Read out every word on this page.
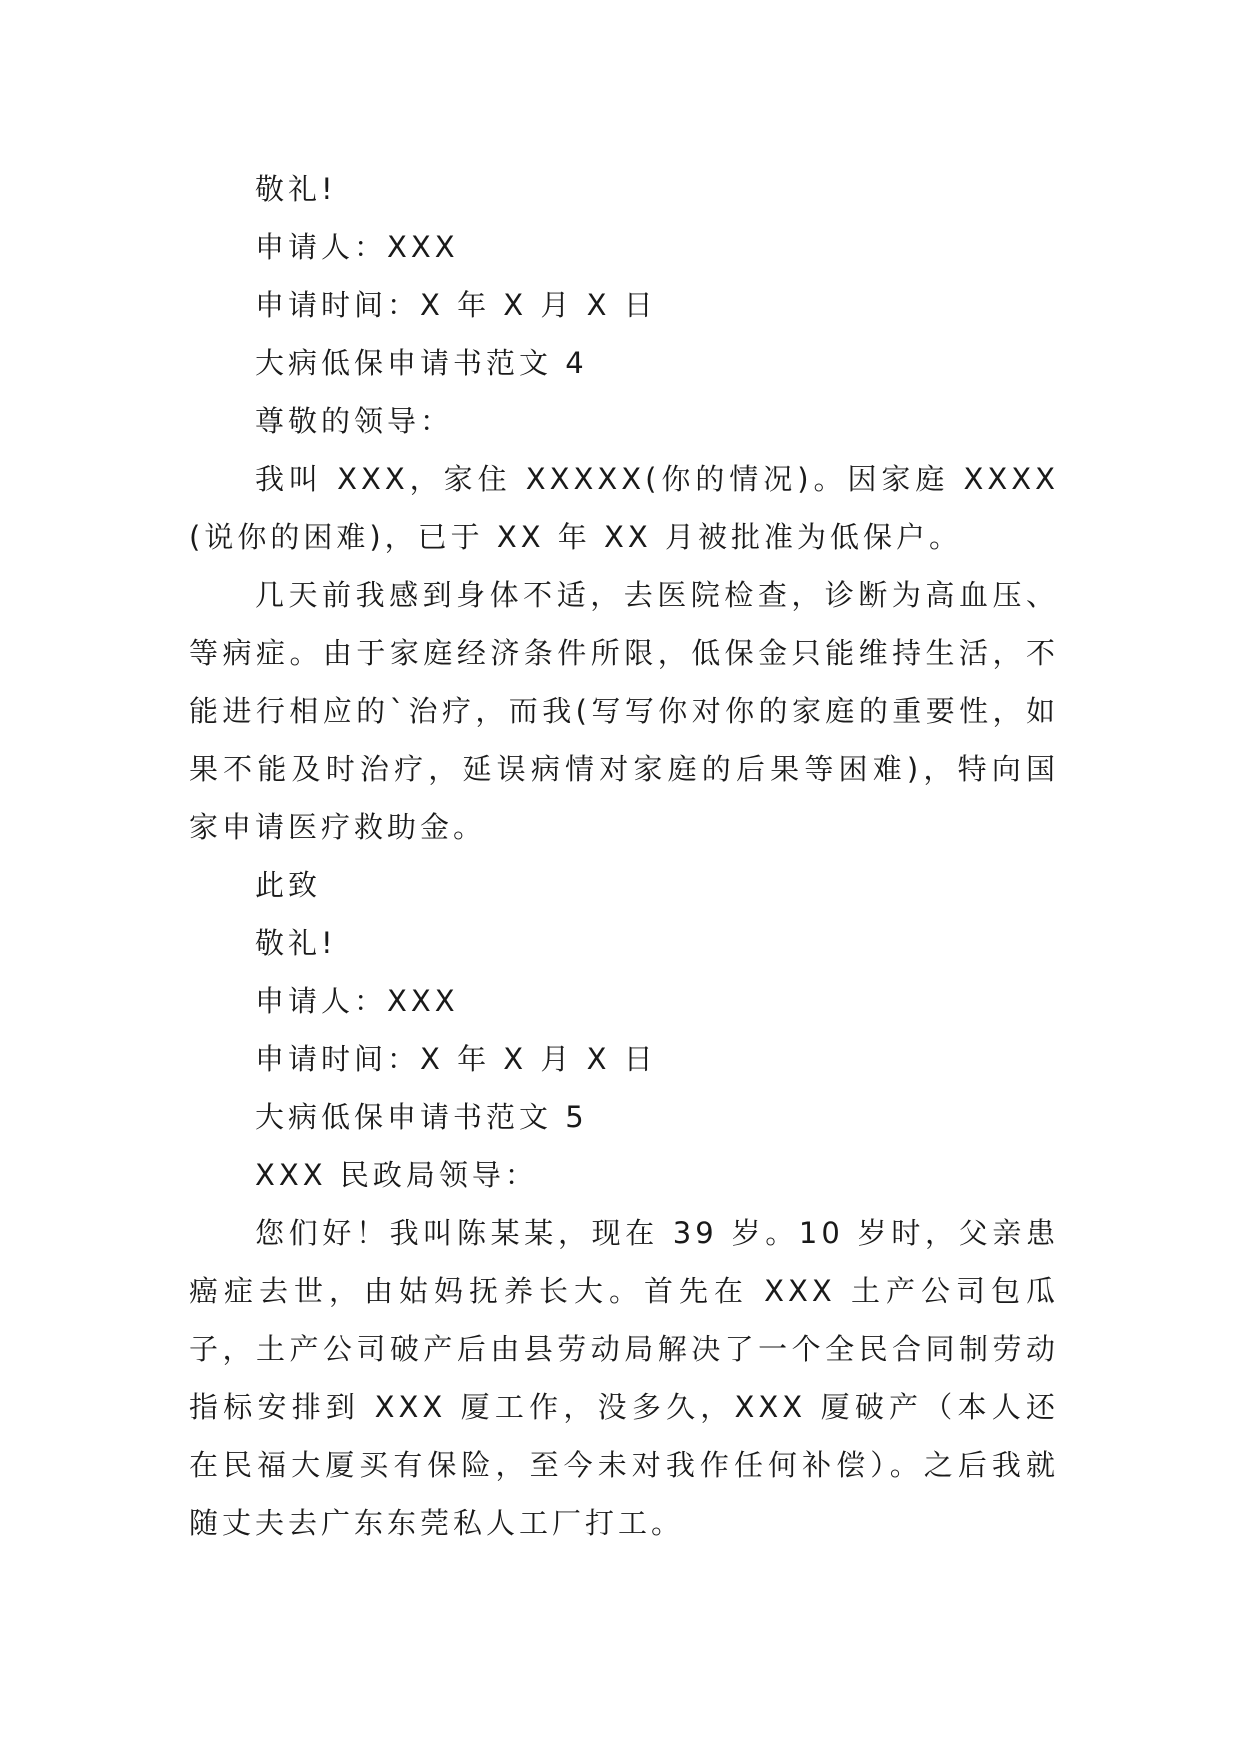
敬礼!

申请人：XXX

申请时间：X 年 X 月 X 日

大病低保申请书范文 4

尊敬的领导：

我叫 XXX，家住 XXXXX(你的情况)。因家庭 XXXX(说你的困难)，已于 XX 年 XX 月被批准为低保户。

几天前我感到身体不适，去医院检查，诊断为高血压、等病症。由于家庭经济条件所限，低保金只能维持生活，不能进行相应的`治疗，而我(写写你对你的家庭的重要性，如果不能及时治疗，延误病情对家庭的后果等困难)，特向国家申请医疗救助金。

此致

敬礼!

申请人：XXX

申请时间：X 年 X 月 X 日

大病低保申请书范文 5

XXX 民政局领导：

您们好！我叫陈某某，现在 39 岁。10 岁时，父亲患癌症去世，由姑妈抚养长大。首先在 XXX 土产公司包瓜子，土产公司破产后由县劳动局解决了一个全民合同制劳动指标安排到 XXX 厦工作，没多久，XXX 厦破产（本人还在民福大厦买有保险，至今未对我作任何补偿）。之后我就随丈夫去广东东莞私人工厂打工。
